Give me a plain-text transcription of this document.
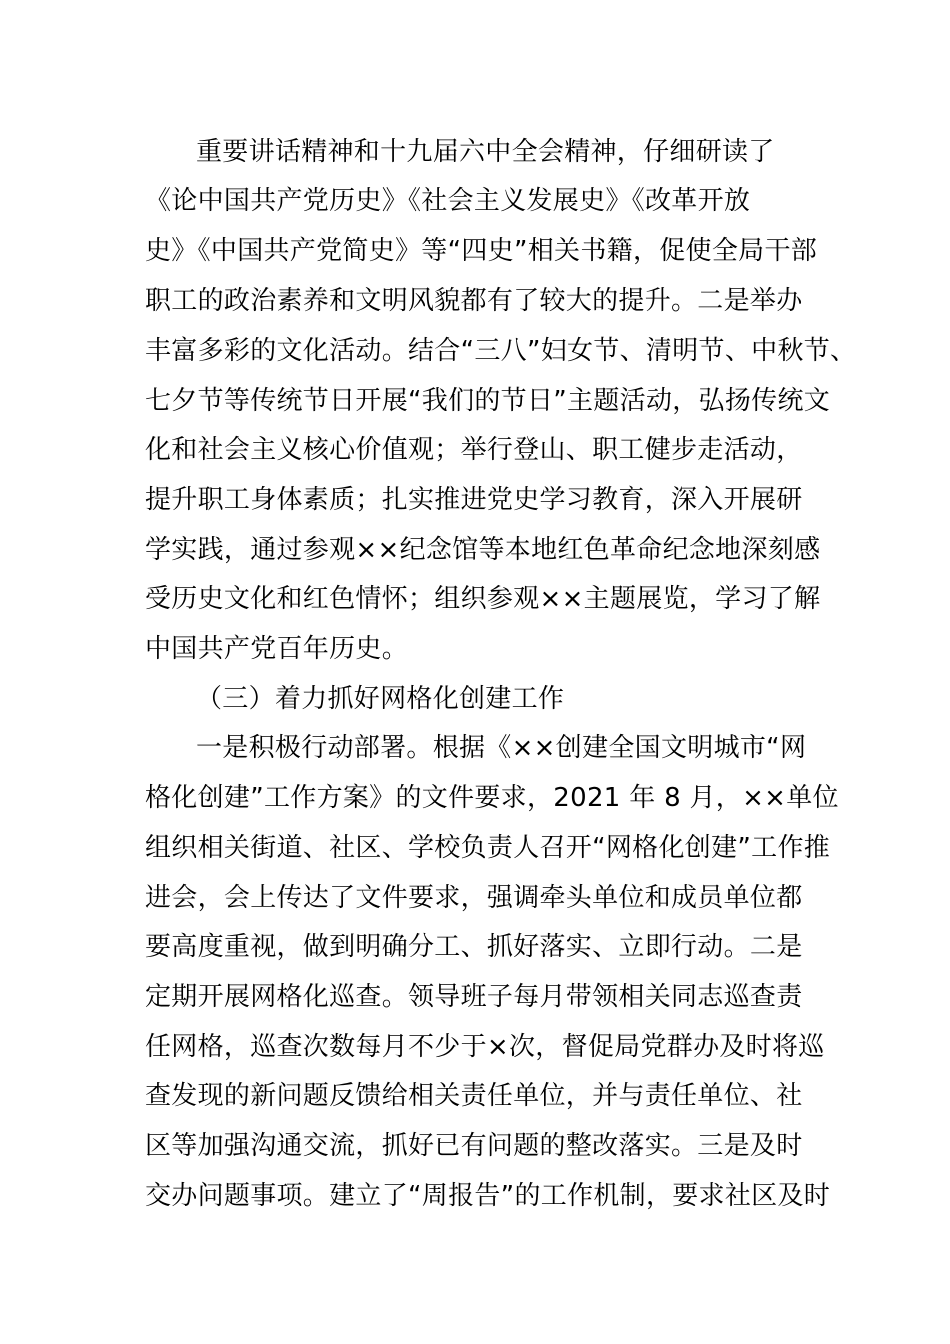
重要讲话精神和十九届六中全会精神，仔细研读了
《论中国共产党历史》《社会主义发展史》《改革开放
史》《中国共产党简史》等“四史”相关书籍，促使全局干部
职工的政治素养和文明风貌都有了较大的提升。二是举办
丰富多彩的文化活动。结合“三八”妇女节、清明节、中秋节、
七夕节等传统节日开展“我们的节日”主题活动，弘扬传统文
化和社会主义核心价值观；举行登山、职工健步走活动，
提升职工身体素质；扎实推进党史学习教育，深入开展研
学实践，通过参观××纪念馆等本地红色革命纪念地深刻感
受历史文化和红色情怀；组织参观××主题展览，学习了解
中国共产党百年历史。
（三）着力抓好网格化创建工作
一是积极行动部署。根据《××创建全国文明城市“网
格化创建”工作方案》的文件要求，2021 年 8 月，××单位
组织相关街道、社区、学校负责人召开“网格化创建”工作推
进会，会上传达了文件要求，强调牵头单位和成员单位都
要高度重视，做到明确分工、抓好落实、立即行动。二是
定期开展网格化巡查。领导班子每月带领相关同志巡查责
任网格，巡查次数每月不少于×次，督促局党群办及时将巡
查发现的新问题反馈给相关责任单位，并与责任单位、社
区等加强沟通交流，抓好已有问题的整改落实。三是及时
交办问题事项。建立了“周报告”的工作机制，要求社区及时
